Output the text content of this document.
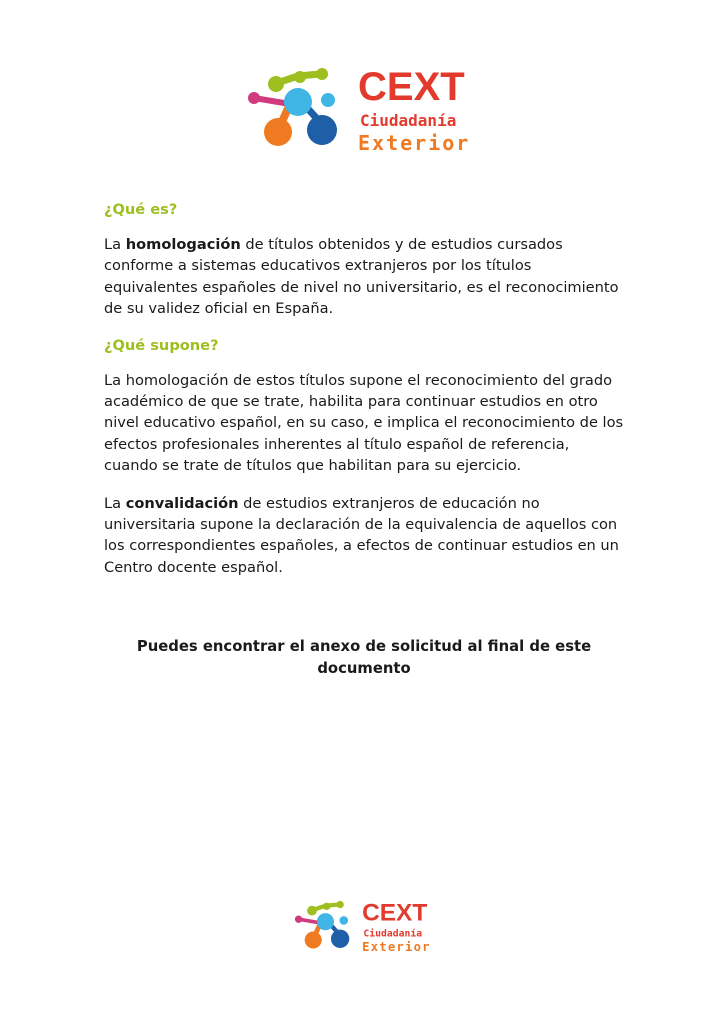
CEXT
Ciudadanía
Exterior
¿Qué es?

La homologación de títulos obtenidos y de estudios cursados conforme a sistemas educativos extranjeros por los títulos equivalentes españoles de nivel no universitario, es el reconocimiento de su validez oficial en España.

¿Qué supone?

La homologación de estos títulos supone el reconocimiento del grado académico de que se trate, habilita para continuar estudios en otro nivel educativo español, en su caso, e implica el reconocimiento de los efectos profesionales inherentes al título español de referencia, cuando se trate de títulos que habilitan para su ejercicio.

La convalidación de estudios extranjeros de educación no universitaria supone la declaración de la equivalencia de aquellos con los correspondientes españoles, a efectos de continuar estudios en un Centro docente español.

Puedes encontrar el anexo de solicitud al final de este documento
CEXT
Ciudadanía
Exterior
